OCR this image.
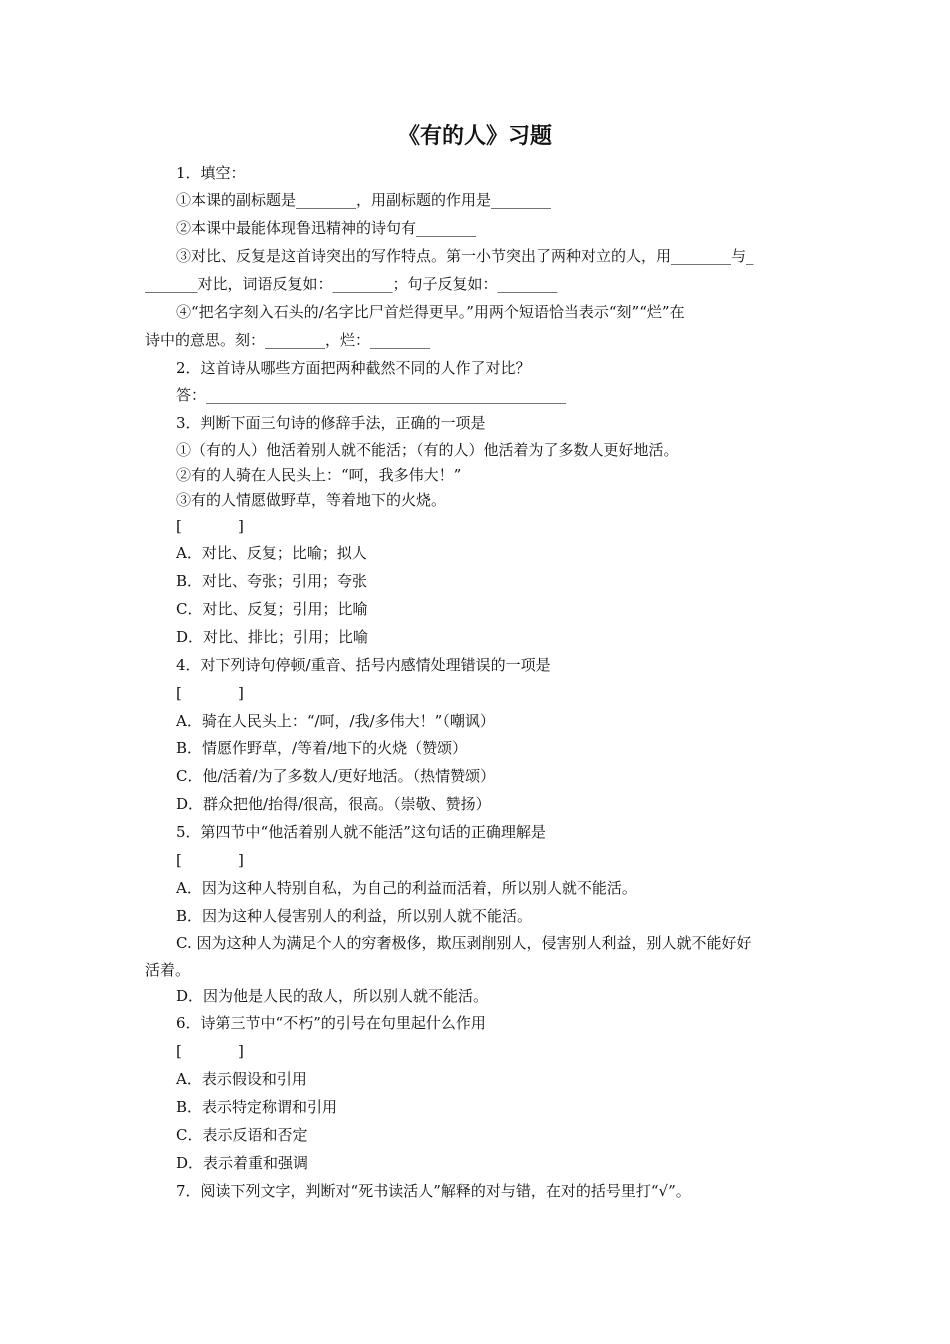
《有的人》习题
1．填空：
①本课的副标题是________，用副标题的作用是________
②本课中最能体现鲁迅精神的诗句有________
③对比、反复是这首诗突出的写作特点。第一小节突出了两种对立的人，用________与_
_______对比，词语反复如：________；句子反复如：________
④“把名字刻入石头的/名字比尸首烂得更早。”用两个短语恰当表示“刻”“烂”在
诗中的意思。刻：________，烂：________
2．这首诗从哪些方面把两种截然不同的人作了对比？
答：________________________________________________
3．判断下面三句诗的修辞手法，正确的一项是
①（有的人）他活着别人就不能活；（有的人）他活着为了多数人更好地活。
②有的人骑在人民头上：“呵，我多伟大！”
③有的人情愿做野草，等着地下的火烧。
[	]
A．对比、反复；比喻；拟人
B．对比、夸张；引用；夸张
C．对比、反复；引用；比喻
D．对比、排比；引用；比喻
4．对下列诗句停顿/重音、括号内感情处理错误的一项是
[	]
A．骑在人民头上：“/呵，/我/多伟大！”（嘲讽）
B．情愿作野草，/等着/地下的火烧（赞颂）
C．他/活着/为了多数人/更好地活。（热情赞颂）
D．群众把他/抬得/很高，很高。（崇敬、赞扬）
5．第四节中“他活着别人就不能活”这句话的正确理解是
[	]
A．因为这种人特别自私，为自己的利益而活着，所以别人就不能活。
B．因为这种人侵害别人的利益，所以别人就不能活。
C. 因为这种人为满足个人的穷奢极侈，欺压剥削别人，侵害别人利益，别人就不能好好
活着。
D．因为他是人民的敌人，所以别人就不能活。
6．诗第三节中“不朽”的引号在句里起什么作用
[	]
A．表示假设和引用
B．表示特定称谓和引用
C．表示反语和否定
D．表示着重和强调
7．阅读下列文字，判断对“死书读活人”解释的对与错，在对的括号里打“√”。
